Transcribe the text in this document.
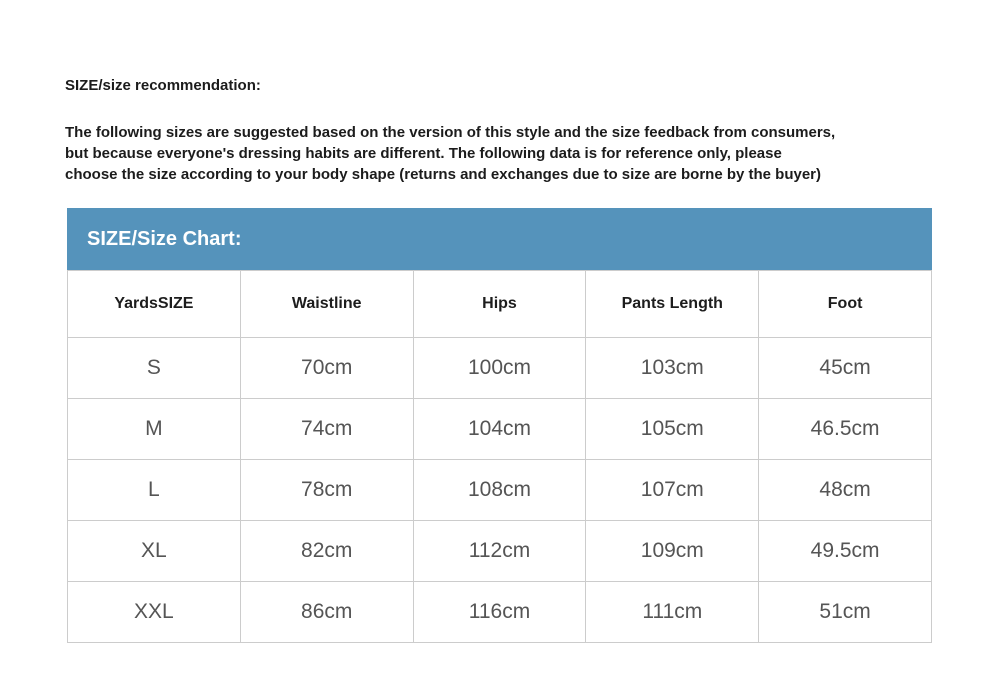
SIZE/size recommendation:
The following sizes are suggested based on the version of this style and the size feedback from consumers,
but because everyone's dressing habits are different. The following data is for reference only, please
choose the size according to your body shape (returns and exchanges due to size are borne by the buyer)
SIZE/Size Chart:
YardsSIZE	Waistline	Hips	Pants Length	Foot
S	70cm	100cm	103cm	45cm
M	74cm	104cm	105cm	46.5cm
L	78cm	108cm	107cm	48cm
XL	82cm	112cm	109cm	49.5cm
XXL	86cm	116cm	111cm	51cm
